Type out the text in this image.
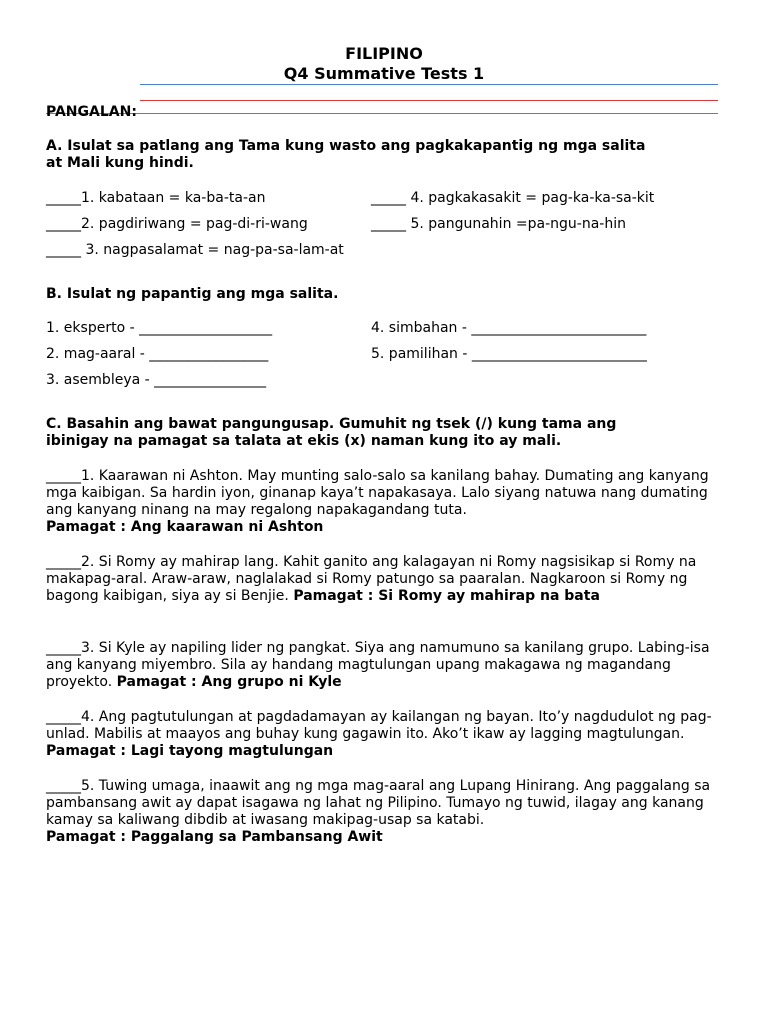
FILIPINO
Q4 Summative Tests 1
PANGALAN:
A. Isulat sa patlang ang Tama kung wasto ang pagkakapantig ng mga salita
at Mali kung hindi.
_____1. kabataan = ka-ba-ta-an	_____ 4. pagkakasakit = pag-ka-ka-sa-kit
_____2. pagdiriwang = pag-di-ri-wang	_____ 5. pangunahin =pa-ngu-na-hin
_____ 3. nagpasalamat = nag-pa-sa-lam-at
B. Isulat ng papantig ang mga salita.
1. eksperto - ___________________	4. simbahan - _________________________
2. mag-aaral - _________________	5. pamilihan - _________________________
3. asembleya - ________________
C. Basahin ang bawat pangungusap. Gumuhit ng tsek (/) kung tama ang
ibinigay na pamagat sa talata at ekis (x) naman kung ito ay mali.
_____1. Kaarawan ni Ashton. May munting salo-salo sa kanilang bahay. Dumating ang kanyang mga kaibigan. Sa hardin iyon, ginanap kaya’t napakasaya. Lalo siyang natuwa nang dumating ang kanyang ninang na may regalong napakagandang tuta.
Pamagat : Ang kaarawan ni Ashton
_____2. Si Romy ay mahirap lang. Kahit ganito ang kalagayan ni Romy nagsisikap si Romy na makapag-aral. Araw-araw, naglalakad si Romy patungo sa paaralan. Nagkaroon si Romy ng bagong kaibigan, siya ay si Benjie. Pamagat : Si Romy ay mahirap na bata
_____3. Si Kyle ay napiling lider ng pangkat. Siya ang namumuno sa kanilang grupo. Labing-isa ang kanyang miyembro. Sila ay handang magtulungan upang makagawa ng magandang proyekto. Pamagat : Ang grupo ni Kyle
_____4. Ang pagtutulungan at pagdadamayan ay kailangan ng bayan. Ito’y nagdudulot ng pag-unlad. Mabilis at maayos ang buhay kung gagawin ito. Ako’t ikaw ay lagging magtulungan. Pamagat : Lagi tayong magtulungan
_____5. Tuwing umaga, inaawit ang ng mga mag-aaral ang Lupang Hinirang. Ang paggalang sa pambansang awit ay dapat isagawa ng lahat ng Pilipino. Tumayo ng tuwid, ilagay ang kanang kamay sa kaliwang dibdib at iwasang makipag-usap sa katabi.
Pamagat : Paggalang sa Pambansang Awit
